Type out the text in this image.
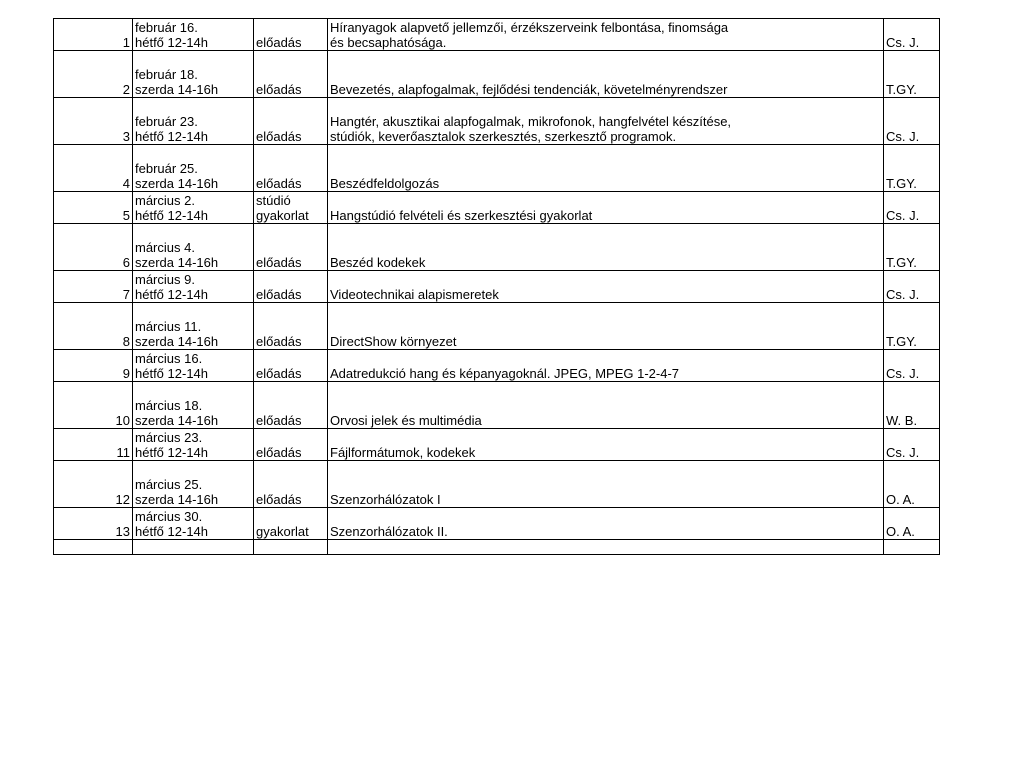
1	február 16.
hétfő 12-14h	előadás	Híranyagok alapvető jellemzői, érzékszerveink felbontása, finomsága
és becsaphatósága.	Cs. J.
2	február 18.
szerda 14-16h	előadás	Bevezetés, alapfogalmak, fejlődési tendenciák, követelményrendszer	T.GY.
3	február 23.
hétfő 12-14h	előadás	Hangtér, akusztikai alapfogalmak, mikrofonok, hangfelvétel készítése,
stúdiók, keverőasztalok szerkesztés, szerkesztő programok.	Cs. J.
4	február 25.
szerda 14-16h	előadás	Beszédfeldolgozás	T.GY.
5	március 2.
hétfő 12-14h	stúdió
gyakorlat	Hangstúdió felvételi és szerkesztési gyakorlat	Cs. J.
6	március 4.
szerda 14-16h	előadás	Beszéd kodekek	T.GY.
7	március 9.
hétfő 12-14h	előadás	Videotechnikai alapismeretek	Cs. J.
8	március 11.
szerda 14-16h	előadás	DirectShow környezet	T.GY.
9	március 16.
hétfő 12-14h	előadás	Adatredukció hang és képanyagoknál. JPEG, MPEG 1-2-4-7	Cs. J.
10	március 18.
szerda 14-16h	előadás	Orvosi jelek és multimédia	W. B.
11	március 23.
hétfő 12-14h	előadás	Fájlformátumok, kodekek	Cs. J.
12	március 25.
szerda 14-16h	előadás	Szenzorhálózatok I	O. A.
13	március 30.
hétfő 12-14h	gyakorlat	Szenzorhálózatok II.	O. A.
